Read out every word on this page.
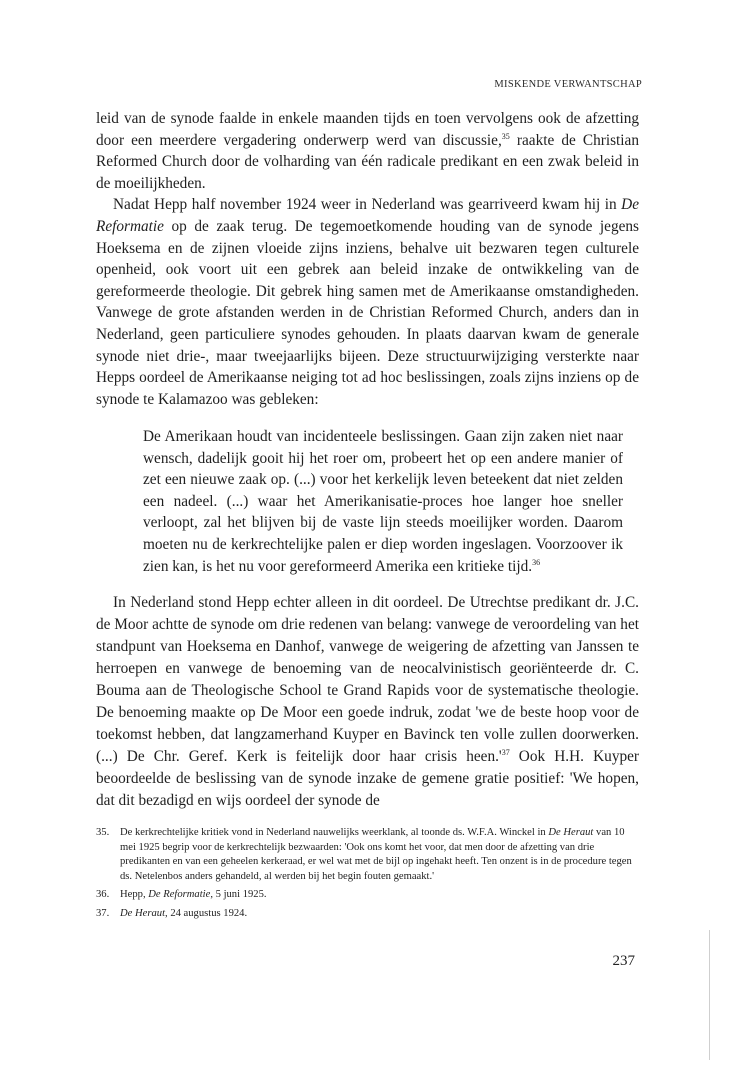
MISKENDE VERWANTSCHAP

leid van de synode faalde in enkele maanden tijds en toen vervolgens ook de afzetting door een meerdere vergadering onderwerp werd van discussie,$^{35}$ raakte de Christian Reformed Church door de volharding van één radicale predikant en een zwak beleid in de moeilijkheden.

Nadat Hepp half november 1924 weer in Nederland was gearriveerd kwam hij in De Reformatie op de zaak terug. De tegemoetkomende houding van de synode jegens Hoeksema en de zijnen vloeide zijns inziens, behalve uit bezwaren tegen culturele openheid, ook voort uit een gebrek aan beleid inzake de ontwikkeling van de gereformeerde theologie. Dit gebrek hing samen met de Amerikaanse omstandigheden. Vanwege de grote afstanden werden in de Christian Reformed Church, anders dan in Nederland, geen particuliere synodes gehouden. In plaats daarvan kwam de generale synode niet drie-, maar tweejaarlijks bijeen. Deze structuurwijziging versterkte naar Hepps oordeel de Amerikaanse neiging tot ad hoc beslissingen, zoals zijns inziens op de synode te Kalamazoo was gebleken:

De Amerikaan houdt van incidenteele beslissingen. Gaan zijn zaken niet naar wensch, dadelijk gooit hij het roer om, probeert het op een andere manier of zet een nieuwe zaak op. (...) voor het kerkelijk leven beteekent dat niet zelden een nadeel. (...) waar het Amerikanisatie-proces hoe langer hoe sneller verloopt, zal het blijven bij de vaste lijn steeds moeilijker worden. Daarom moeten nu de kerkrechtelijke palen er diep worden ingeslagen. Voorzoover ik zien kan, is het nu voor gereformeerd Amerika een kritieke tijd.$^{36}$

In Nederland stond Hepp echter alleen in dit oordeel. De Utrechtse predikant dr. J.C. de Moor achtte de synode om drie redenen van belang: vanwege de veroordeling van het standpunt van Hoeksema en Danhof, vanwege de weigering de afzetting van Janssen te herroepen en vanwege de benoeming van de neocalvinistisch georiënteerde dr. C. Bouma aan de Theologische School te Grand Rapids voor de systematische theologie. De benoeming maakte op De Moor een goede indruk, zodat 'we de beste hoop voor de toekomst hebben, dat langzamerhand Kuyper en Bavinck ten volle zullen doorwerken. (...) De Chr. Geref. Kerk is feitelijk door haar crisis $heen.'^{37}$ Ook H.H. Kuyper beoordeelde de beslissing van de synode inzake de gemene gratie positief: 'We hopen, dat dit bezadigd en wijs oordeel der synode de

35.	De kerkrechtelijke kritiek vond in Nederland nauwelijks weerklank, al toonde ds. W.F.A. Winckel in De Heraut van 10 mei 1925 begrip voor de kerkrechtelijk bezwaarden: 'Ook ons komt het voor, dat men door de afzetting van drie predikanten en van een geheelen kerkeraad, er wel wat met de bijl op ingehakt heeft. Ten onzent is in de procedure tegen ds. Netelenbos anders gehandeld, al werden bij het begin fouten gemaakt.'
36.	Hepp, De Reformatie, 5 juni 1925.
37.	De Heraut, 24 augustus 1924.
237
